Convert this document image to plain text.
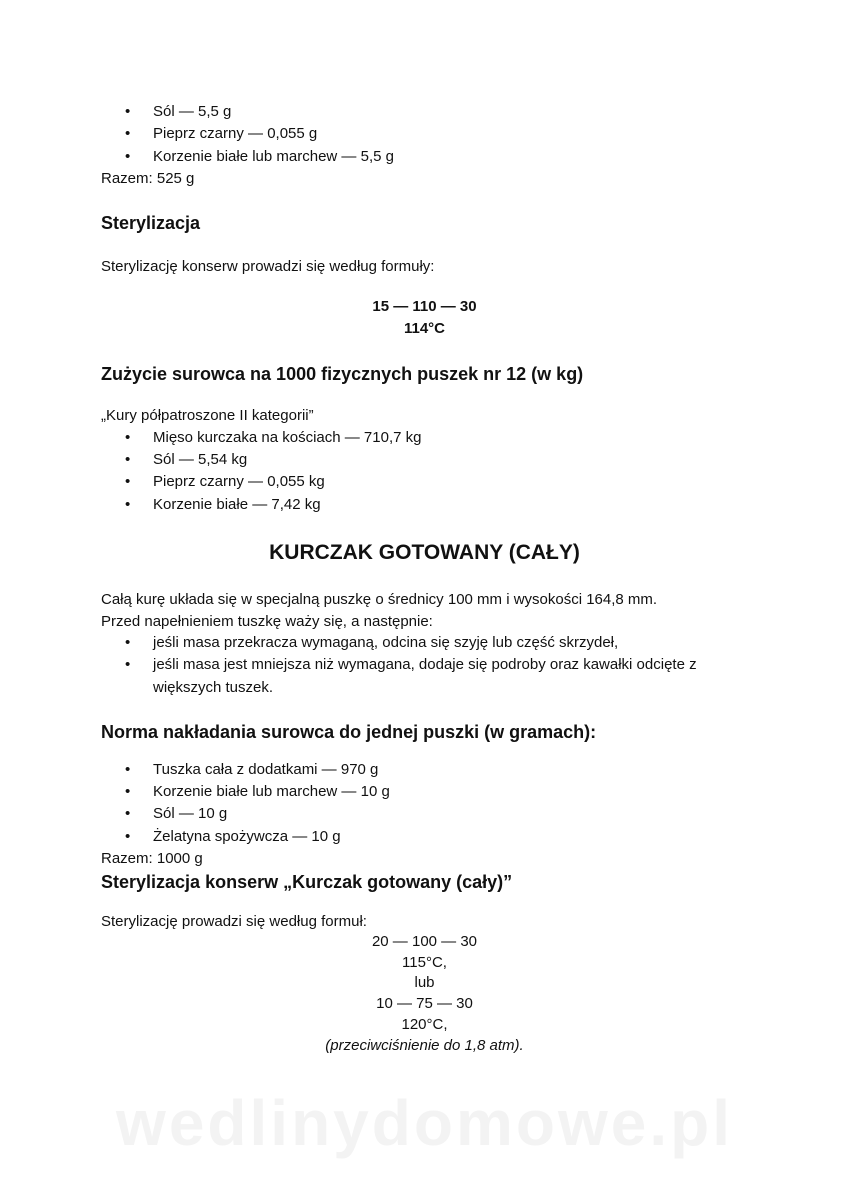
Sól — 5,5 g
Pieprz czarny — 0,055 g
Korzenie białe lub marchew — 5,5 g
Razem: 525 g
Sterylizacja
Sterylizację konserw prowadzi się według formuły:
15 — 110 — 30
114°C
Zużycie surowca na 1000 fizycznych puszek nr 12 (w kg)
„Kury półpatroszone II kategorii”
Mięso kurczaka na kościach — 710,7 kg
Sól — 5,54 kg
Pieprz czarny — 0,055 kg
Korzenie białe — 7,42 kg
KURCZAK GOTOWANY (CAŁY)
Całą kurę układa się w specjalną puszkę o średnicy 100 mm i wysokości 164,8 mm.
Przed napełnieniem tuszkę waży się, a następnie:
jeśli masa przekracza wymaganą, odcina się szyję lub część skrzydeł,
jeśli masa jest mniejsza niż wymagana, dodaje się podroby oraz kawałki odcięte z
większych tuszek.
Norma nakładania surowca do jednej puszki (w gramach):
Tuszka cała z dodatkami — 970 g
Korzenie białe lub marchew — 10 g
Sól — 10 g
Żelatyna spożywcza — 10 g
Razem: 1000 g
Sterylizacja konserw „Kurczak gotowany (cały)”
Sterylizację prowadzi się według formuł:
20 — 100 — 30
115°C,
lub
10 — 75 — 30
120°C,
(przeciwciśnienie do 1,8 atm).
wedlinydomowe.pl
